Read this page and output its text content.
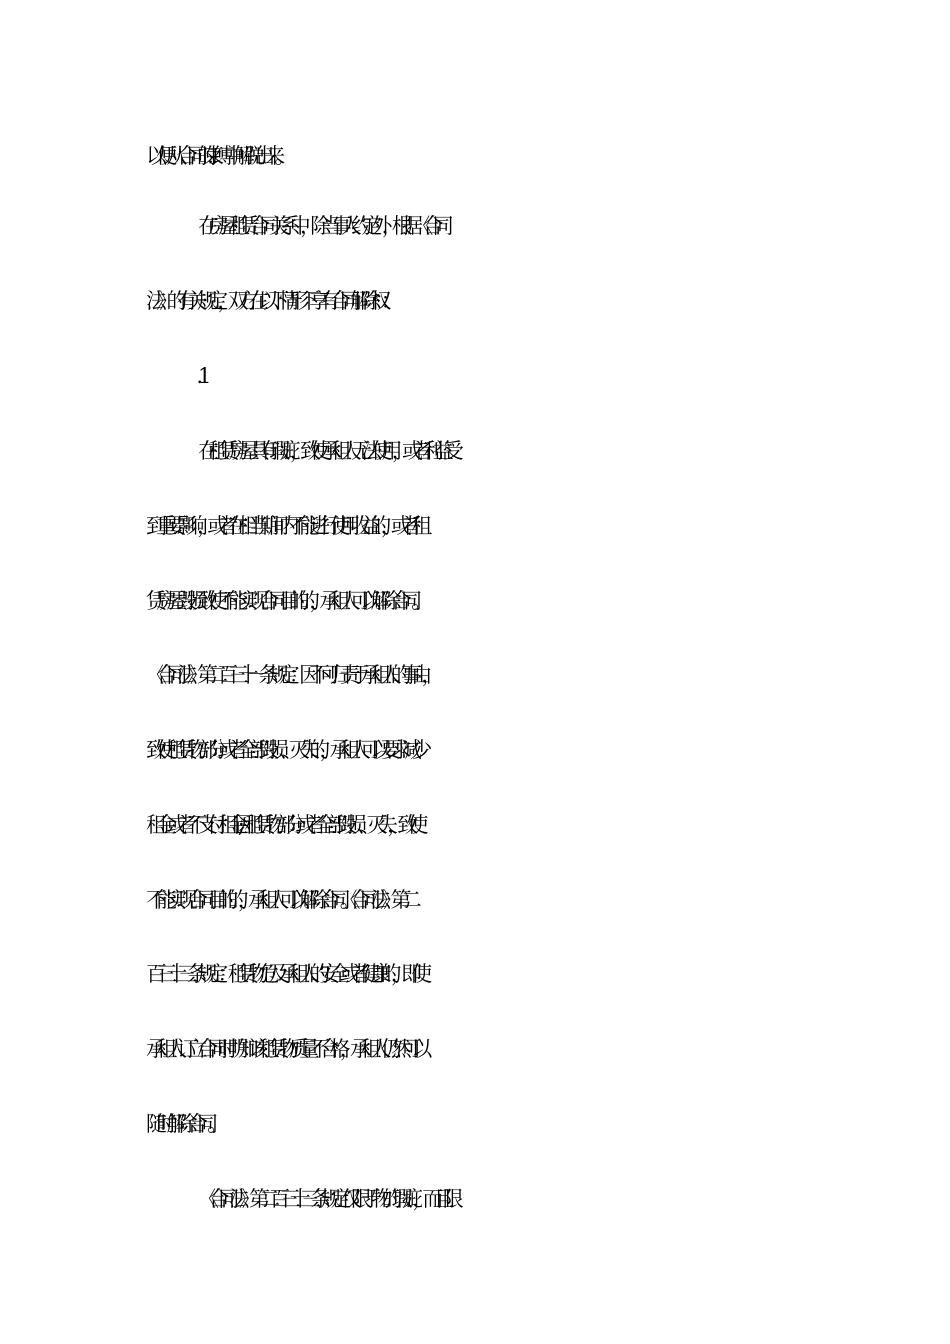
以便从合同的.束缚中解脱出来。
在房屋租赁合同关系中，除当事人约定外，根据《合同
法》的有关规定，双方在以下情形下享有合同解除权：
在租赁房屋具有瑕疵，致使承租人无法使用，或者利益受
到重要影响，或者在相当期间内不能进行使用收益的，或者租
赁房屋毁损致使不能实现合同目的的，承租人可以解除合同。
《合同法》第二百三十一条规定：因不可归责于承租人的事由，
致使租赁物部分或者全部毁损、灭失的，承租人可以要求减少
租金或者不支付租金;因租赁物部分或者全部毁损、灭失，致使
不能实现合同目的的，承租人可以解除合同。《合同法》第二
百三十三条规定：租赁物危及承租人的安全或者健康的，即使
承租人订立合同时明知该租赁物质量不合格，承租人仍然可以
随时解除合同。
《合同法》第二百三十三条规定仅限于物的瑕疵，而且限
